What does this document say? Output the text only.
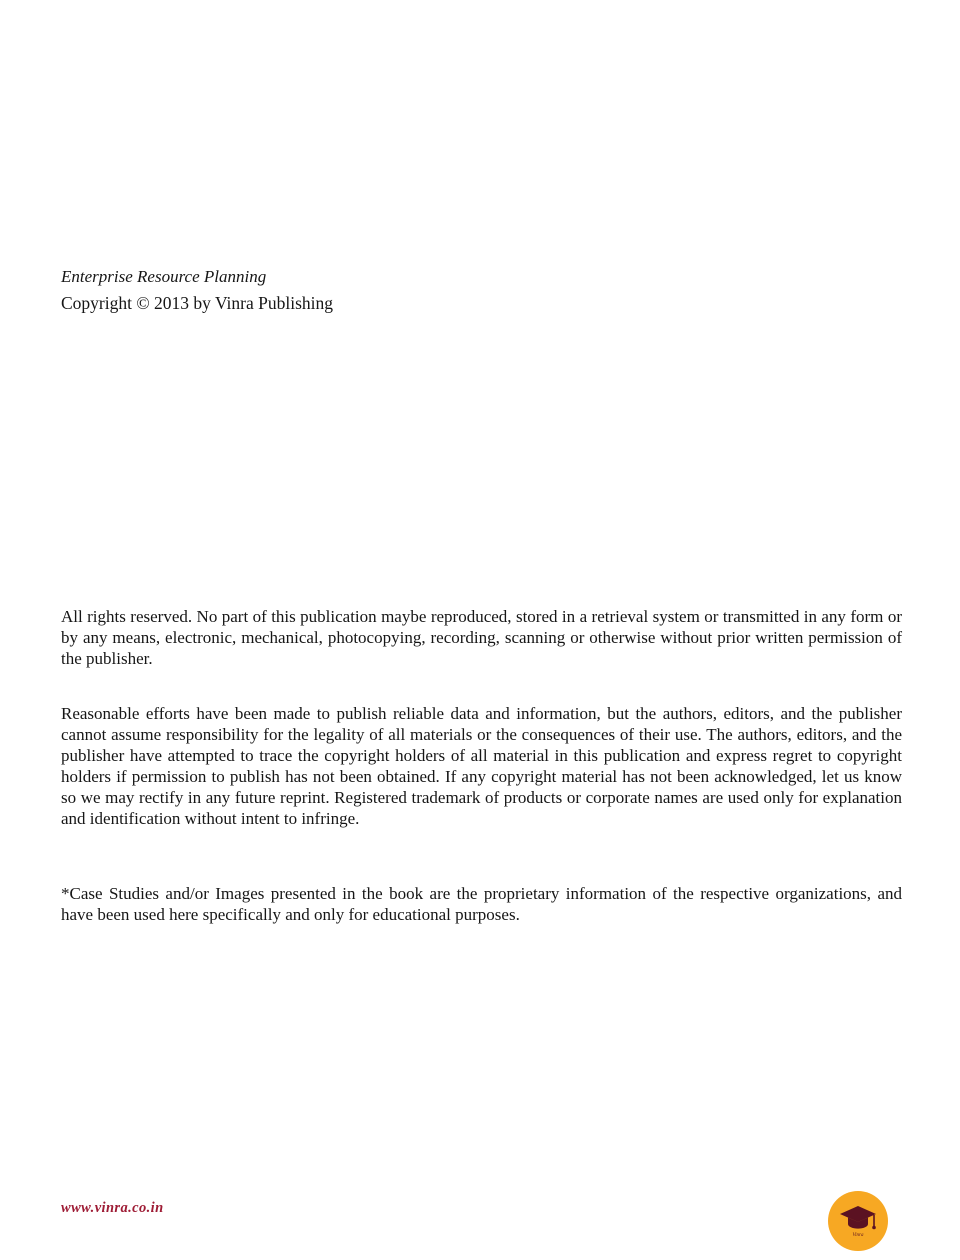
Enterprise Resource Planning

Copyright © 2013 by Vinra Publishing

All rights reserved. No part of this publication maybe reproduced, stored in a retrieval system or transmitted in any form or by any means, electronic, mechanical, photocopying, recording, scanning or otherwise without prior written permission of the publisher.

Reasonable efforts have been made to publish reliable data and information, but the authors, editors, and the publisher cannot assume responsibility for the legality of all materials or the consequences of their use. The authors, editors, and the publisher have attempted to trace the copyright holders of all material in this publication and express regret to copyright holders if permission to publish has not been obtained. If any copyright material has not been acknowledged, let us know so we may rectify in any future reprint. Registered trademark of products or corporate names are used only for explanation and identification without intent to infringe.

*Case Studies and/or Images presented in the book are the proprietary information of the respective organizations, and have been used here specifically and only for educational purposes.

www.vinra.co.in
Vinra
